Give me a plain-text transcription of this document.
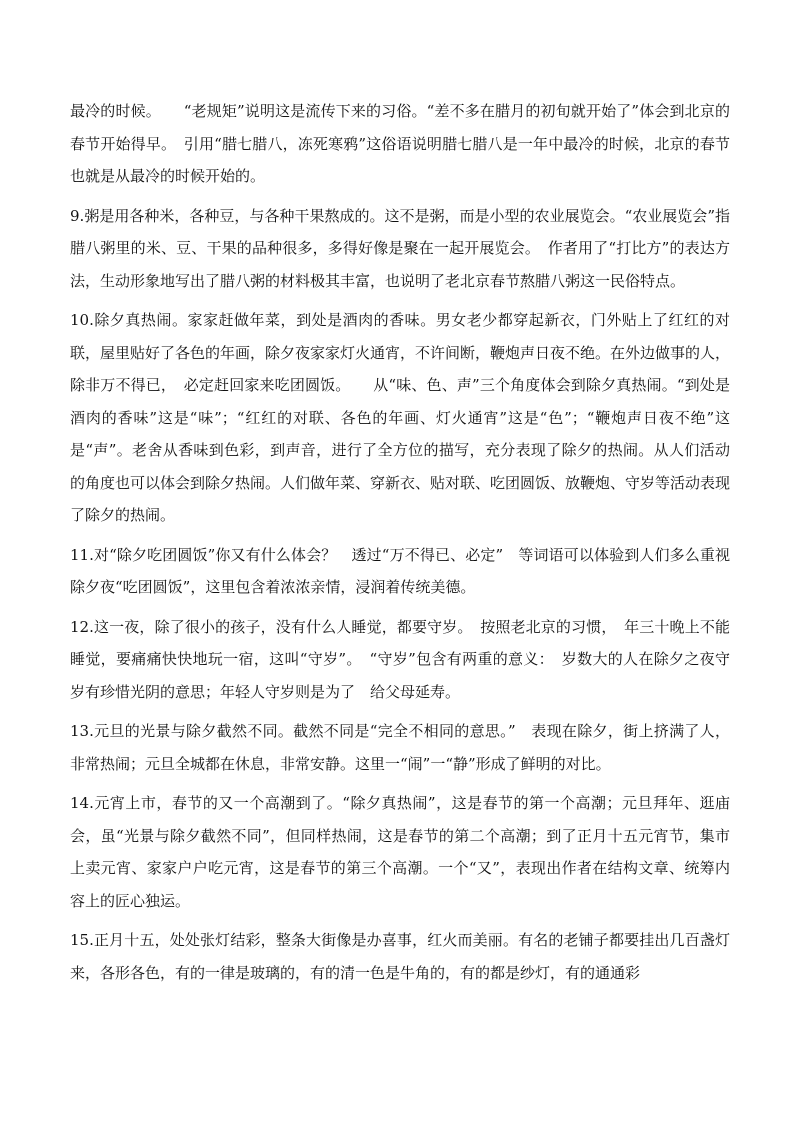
最冷的时候。　　“老规矩”说明这是流传下来的习俗。“差不多在腊月的初旬就开始了”体会到北京的春节开始得早。　引用“腊七腊八，冻死寒鸦”这俗语说明腊七腊八是一年中最冷的时候，北京的春节也就是从最冷的时候开始的。

9.粥是用各种米，各种豆，与各种干果熬成的。这不是粥，而是小型的农业展览会。“农业展览会”指腊八粥里的米、豆、干果的品种很多，多得好像是聚在一起开展览会。　作者用了“打比方”的表达方法，生动形象地写出了腊八粥的材料极其丰富，也说明了老北京春节熬腊八粥这一民俗特点。

10.除夕真热闹。家家赶做年菜，到处是酒肉的香味。男女老少都穿起新衣，门外贴上了红红的对联，屋里贴好了各色的年画，除夕夜家家灯火通宵，不许间断，鞭炮声日夜不绝。在外边做事的人，除非万不得已，　必定赶回家来吃团圆饭。　　从“味、色、声”三个角度体会到除夕真热闹。“到处是酒肉的香味”这是“味”；“红红的对联、各色的年画、灯火通宵”这是“色”；“鞭炮声日夜不绝”这是“声”。老舍从香味到色彩，到声音，进行了全方位的描写，充分表现了除夕的热闹。从人们活动的角度也可以体会到除夕热闹。人们做年菜、穿新衣、贴对联、吃团圆饭、放鞭炮、守岁等活动表现了除夕的热闹。

11.对“除夕吃团圆饭”你又有什么体会？　透过“万不得已、必定”　等词语可以体验到人们多么重视除夕夜“吃团圆饭”，这里包含着浓浓亲情，浸润着传统美德。

12.这一夜，除了很小的孩子，没有什么人睡觉，都要守岁。　按照老北京的习惯，　年三十晚上不能睡觉，要痛痛快快地玩一宿，这叫“守岁”。　“守岁”包含有两重的意义：　岁数大的人在除夕之夜守岁有珍惜光阴的意思；年轻人守岁则是为了　给父母延寿。

13.元旦的光景与除夕截然不同。截然不同是“完全不相同的意思。”　表现在除夕，街上挤满了人，非常热闹；元旦全城都在休息，非常安静。这里一“闹”一“静”形成了鲜明的对比。

14.元宵上市，春节的又一个高潮到了。“除夕真热闹”，这是春节的第一个高潮；元旦拜年、逛庙会，虽“光景与除夕截然不同”，但同样热闹，这是春节的第二个高潮；到了正月十五元宵节，集市上卖元宵、家家户户吃元宵，这是春节的第三个高潮。一个“又”，表现出作者在结构文章、统筹内容上的匠心独运。

15.正月十五，处处张灯结彩，整条大街像是办喜事，红火而美丽。有名的老铺子都要挂出几百盏灯来，各形各色，有的一律是玻璃的，有的清一色是牛角的，有的都是纱灯，有的通通彩
